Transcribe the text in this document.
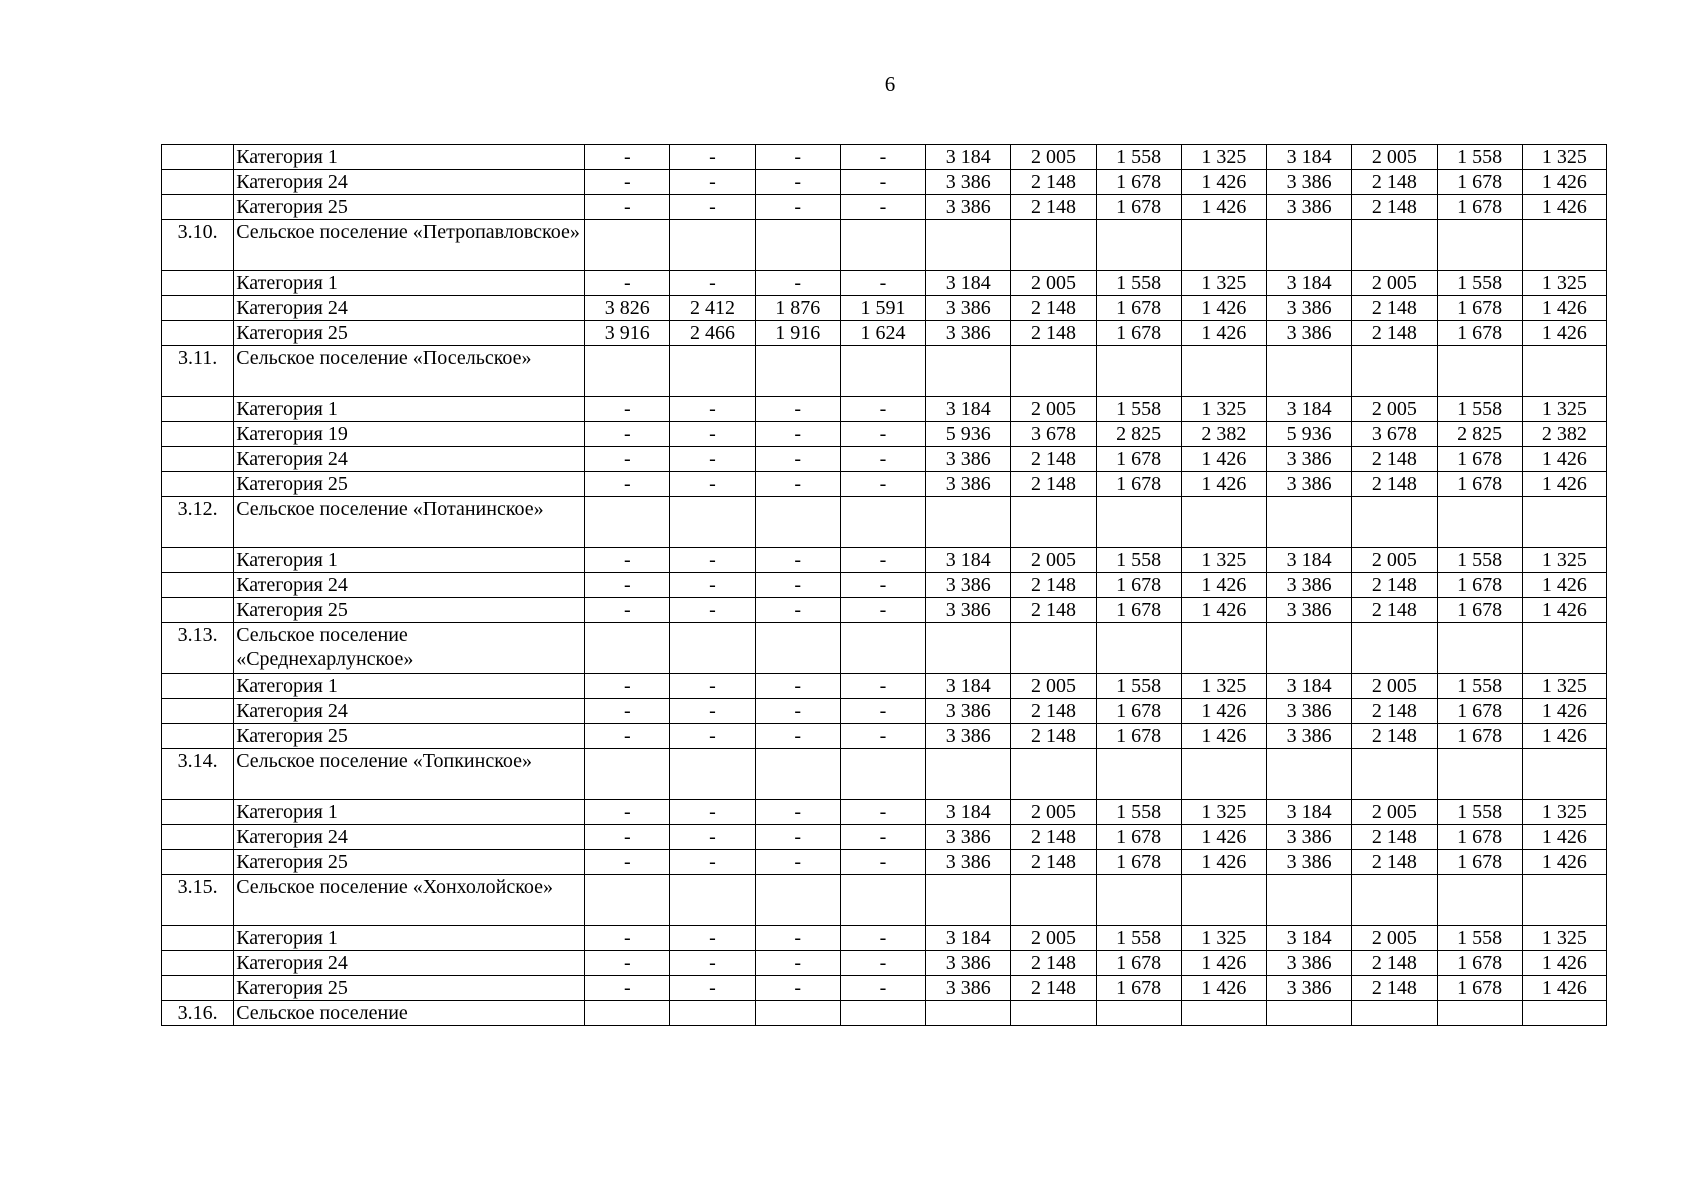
6
	Категория 1	-	-	-	-	3 184	2 005	1 558	1 325	3 184	2 005	1 558	1 325
	Категория 24	-	-	-	-	3 386	2 148	1 678	1 426	3 386	2 148	1 678	1 426
	Категория 25	-	-	-	-	3 386	2 148	1 678	1 426	3 386	2 148	1 678	1 426
3.10.	Сельское поселение «Петропавловское»												
	Категория 1	-	-	-	-	3 184	2 005	1 558	1 325	3 184	2 005	1 558	1 325
	Категория 24	3 826	2 412	1 876	1 591	3 386	2 148	1 678	1 426	3 386	2 148	1 678	1 426
	Категория 25	3 916	2 466	1 916	1 624	3 386	2 148	1 678	1 426	3 386	2 148	1 678	1 426
3.11.	Сельское поселение «Посельское»												
	Категория 1	-	-	-	-	3 184	2 005	1 558	1 325	3 184	2 005	1 558	1 325
	Категория 19	-	-	-	-	5 936	3 678	2 825	2 382	5 936	3 678	2 825	2 382
	Категория 24	-	-	-	-	3 386	2 148	1 678	1 426	3 386	2 148	1 678	1 426
	Категория 25	-	-	-	-	3 386	2 148	1 678	1 426	3 386	2 148	1 678	1 426
3.12.	Сельское поселение «Потанинское»												
	Категория 1	-	-	-	-	3 184	2 005	1 558	1 325	3 184	2 005	1 558	1 325
	Категория 24	-	-	-	-	3 386	2 148	1 678	1 426	3 386	2 148	1 678	1 426
	Категория 25	-	-	-	-	3 386	2 148	1 678	1 426	3 386	2 148	1 678	1 426
3.13.	Сельское поселение «Среднехарлунское»												
	Категория 1	-	-	-	-	3 184	2 005	1 558	1 325	3 184	2 005	1 558	1 325
	Категория 24	-	-	-	-	3 386	2 148	1 678	1 426	3 386	2 148	1 678	1 426
	Категория 25	-	-	-	-	3 386	2 148	1 678	1 426	3 386	2 148	1 678	1 426
3.14.	Сельское поселение «Топкинское»												
	Категория 1	-	-	-	-	3 184	2 005	1 558	1 325	3 184	2 005	1 558	1 325
	Категория 24	-	-	-	-	3 386	2 148	1 678	1 426	3 386	2 148	1 678	1 426
	Категория 25	-	-	-	-	3 386	2 148	1 678	1 426	3 386	2 148	1 678	1 426
3.15.	Сельское поселение «Хонхолойское»												
	Категория 1	-	-	-	-	3 184	2 005	1 558	1 325	3 184	2 005	1 558	1 325
	Категория 24	-	-	-	-	3 386	2 148	1 678	1 426	3 386	2 148	1 678	1 426
	Категория 25	-	-	-	-	3 386	2 148	1 678	1 426	3 386	2 148	1 678	1 426
3.16.	Сельское поселение												
